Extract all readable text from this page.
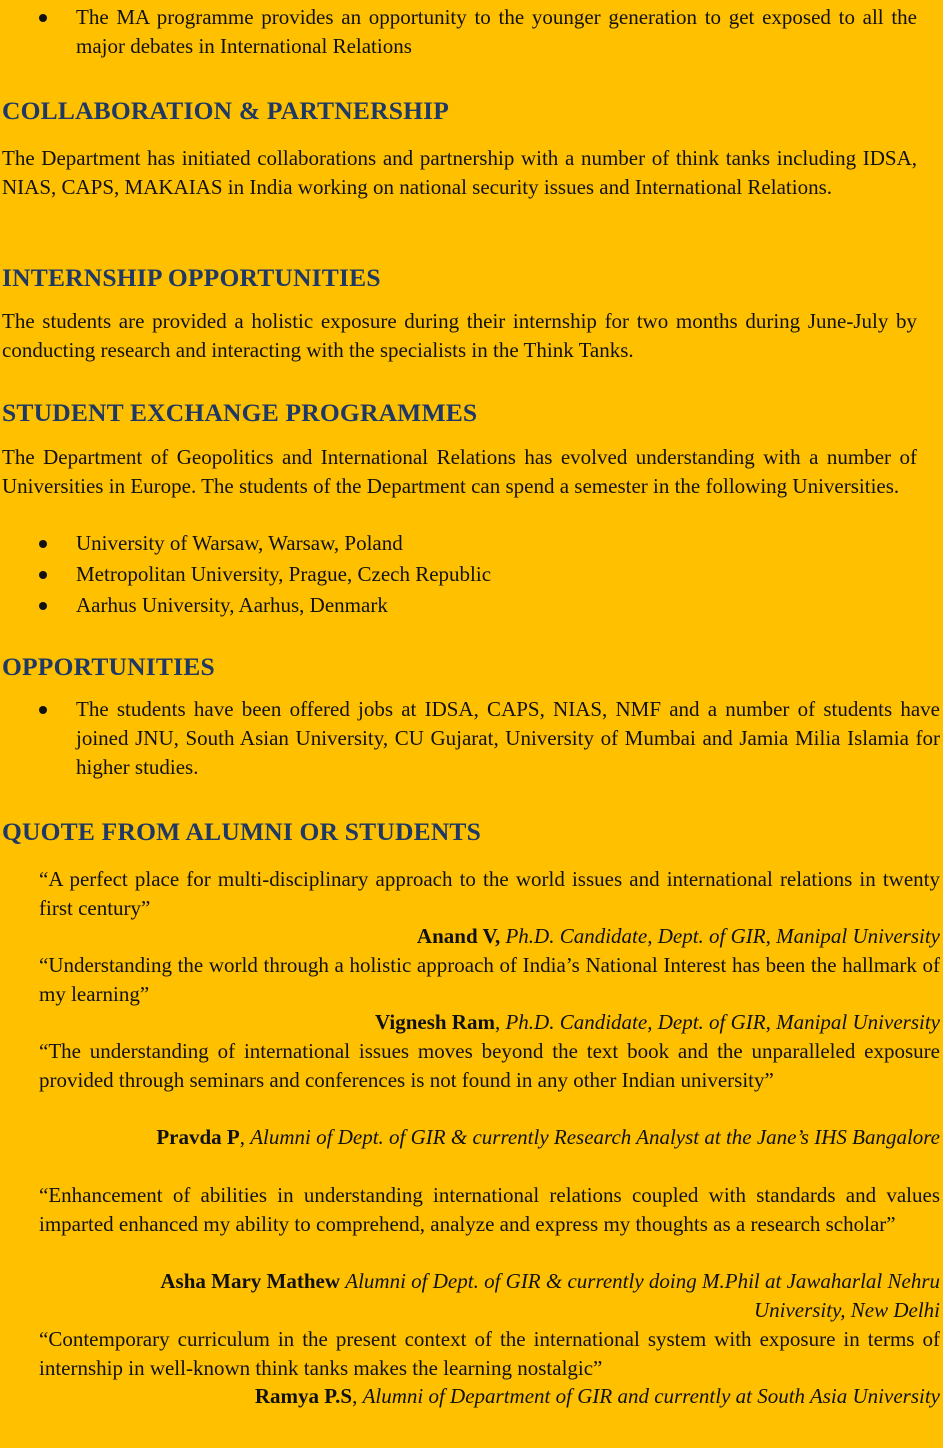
The MA programme provides an opportunity to the younger generation to get exposed to all the major debates in International Relations
COLLABORATION & PARTNERSHIP
The Department has initiated collaborations and partnership with a number of think tanks including IDSA, NIAS, CAPS, MAKAIAS in India working on national security issues and International Relations.
INTERNSHIP OPPORTUNITIES
The students are provided a holistic exposure during their internship for two months during June-July by conducting research and interacting with the specialists in the Think Tanks.
STUDENT EXCHANGE PROGRAMMES
The Department of Geopolitics and International Relations has evolved understanding with a number of Universities in Europe. The students of the Department can spend a semester in the following Universities.
University of Warsaw, Warsaw, Poland
Metropolitan University, Prague, Czech Republic
Aarhus University, Aarhus, Denmark
OPPORTUNITIES
The students have been offered jobs at IDSA, CAPS, NIAS, NMF and a number of students have joined JNU, South Asian University, CU Gujarat, University of Mumbai and Jamia Milia Islamia for higher studies.
QUOTE FROM ALUMNI OR STUDENTS
“A perfect place for multi-disciplinary approach to the world issues and international relations in twenty first century”
Anand V, Ph.D. Candidate, Dept. of GIR, Manipal University
“Understanding the world through a holistic approach of India’s National Interest has been the hallmark of my learning”
Vignesh Ram, Ph.D. Candidate, Dept. of GIR, Manipal University
“The understanding of international issues moves beyond the text book and the unparalleled exposure provided through seminars and conferences is not found in any other Indian university”
Pravda P, Alumni of Dept. of GIR & currently Research Analyst at the Jane’s IHS Bangalore
“Enhancement of abilities in understanding international relations coupled with standards and values imparted enhanced my ability to comprehend, analyze and express my thoughts as a research scholar”
Asha Mary Mathew Alumni of Dept. of GIR & currently doing M.Phil at Jawaharlal Nehru University, New Delhi
“Contemporary curriculum in the present context of the international system with exposure in terms of internship in well-known think tanks makes the learning nostalgic”
Ramya P.S, Alumni of Department of GIR and currently at South Asia University
